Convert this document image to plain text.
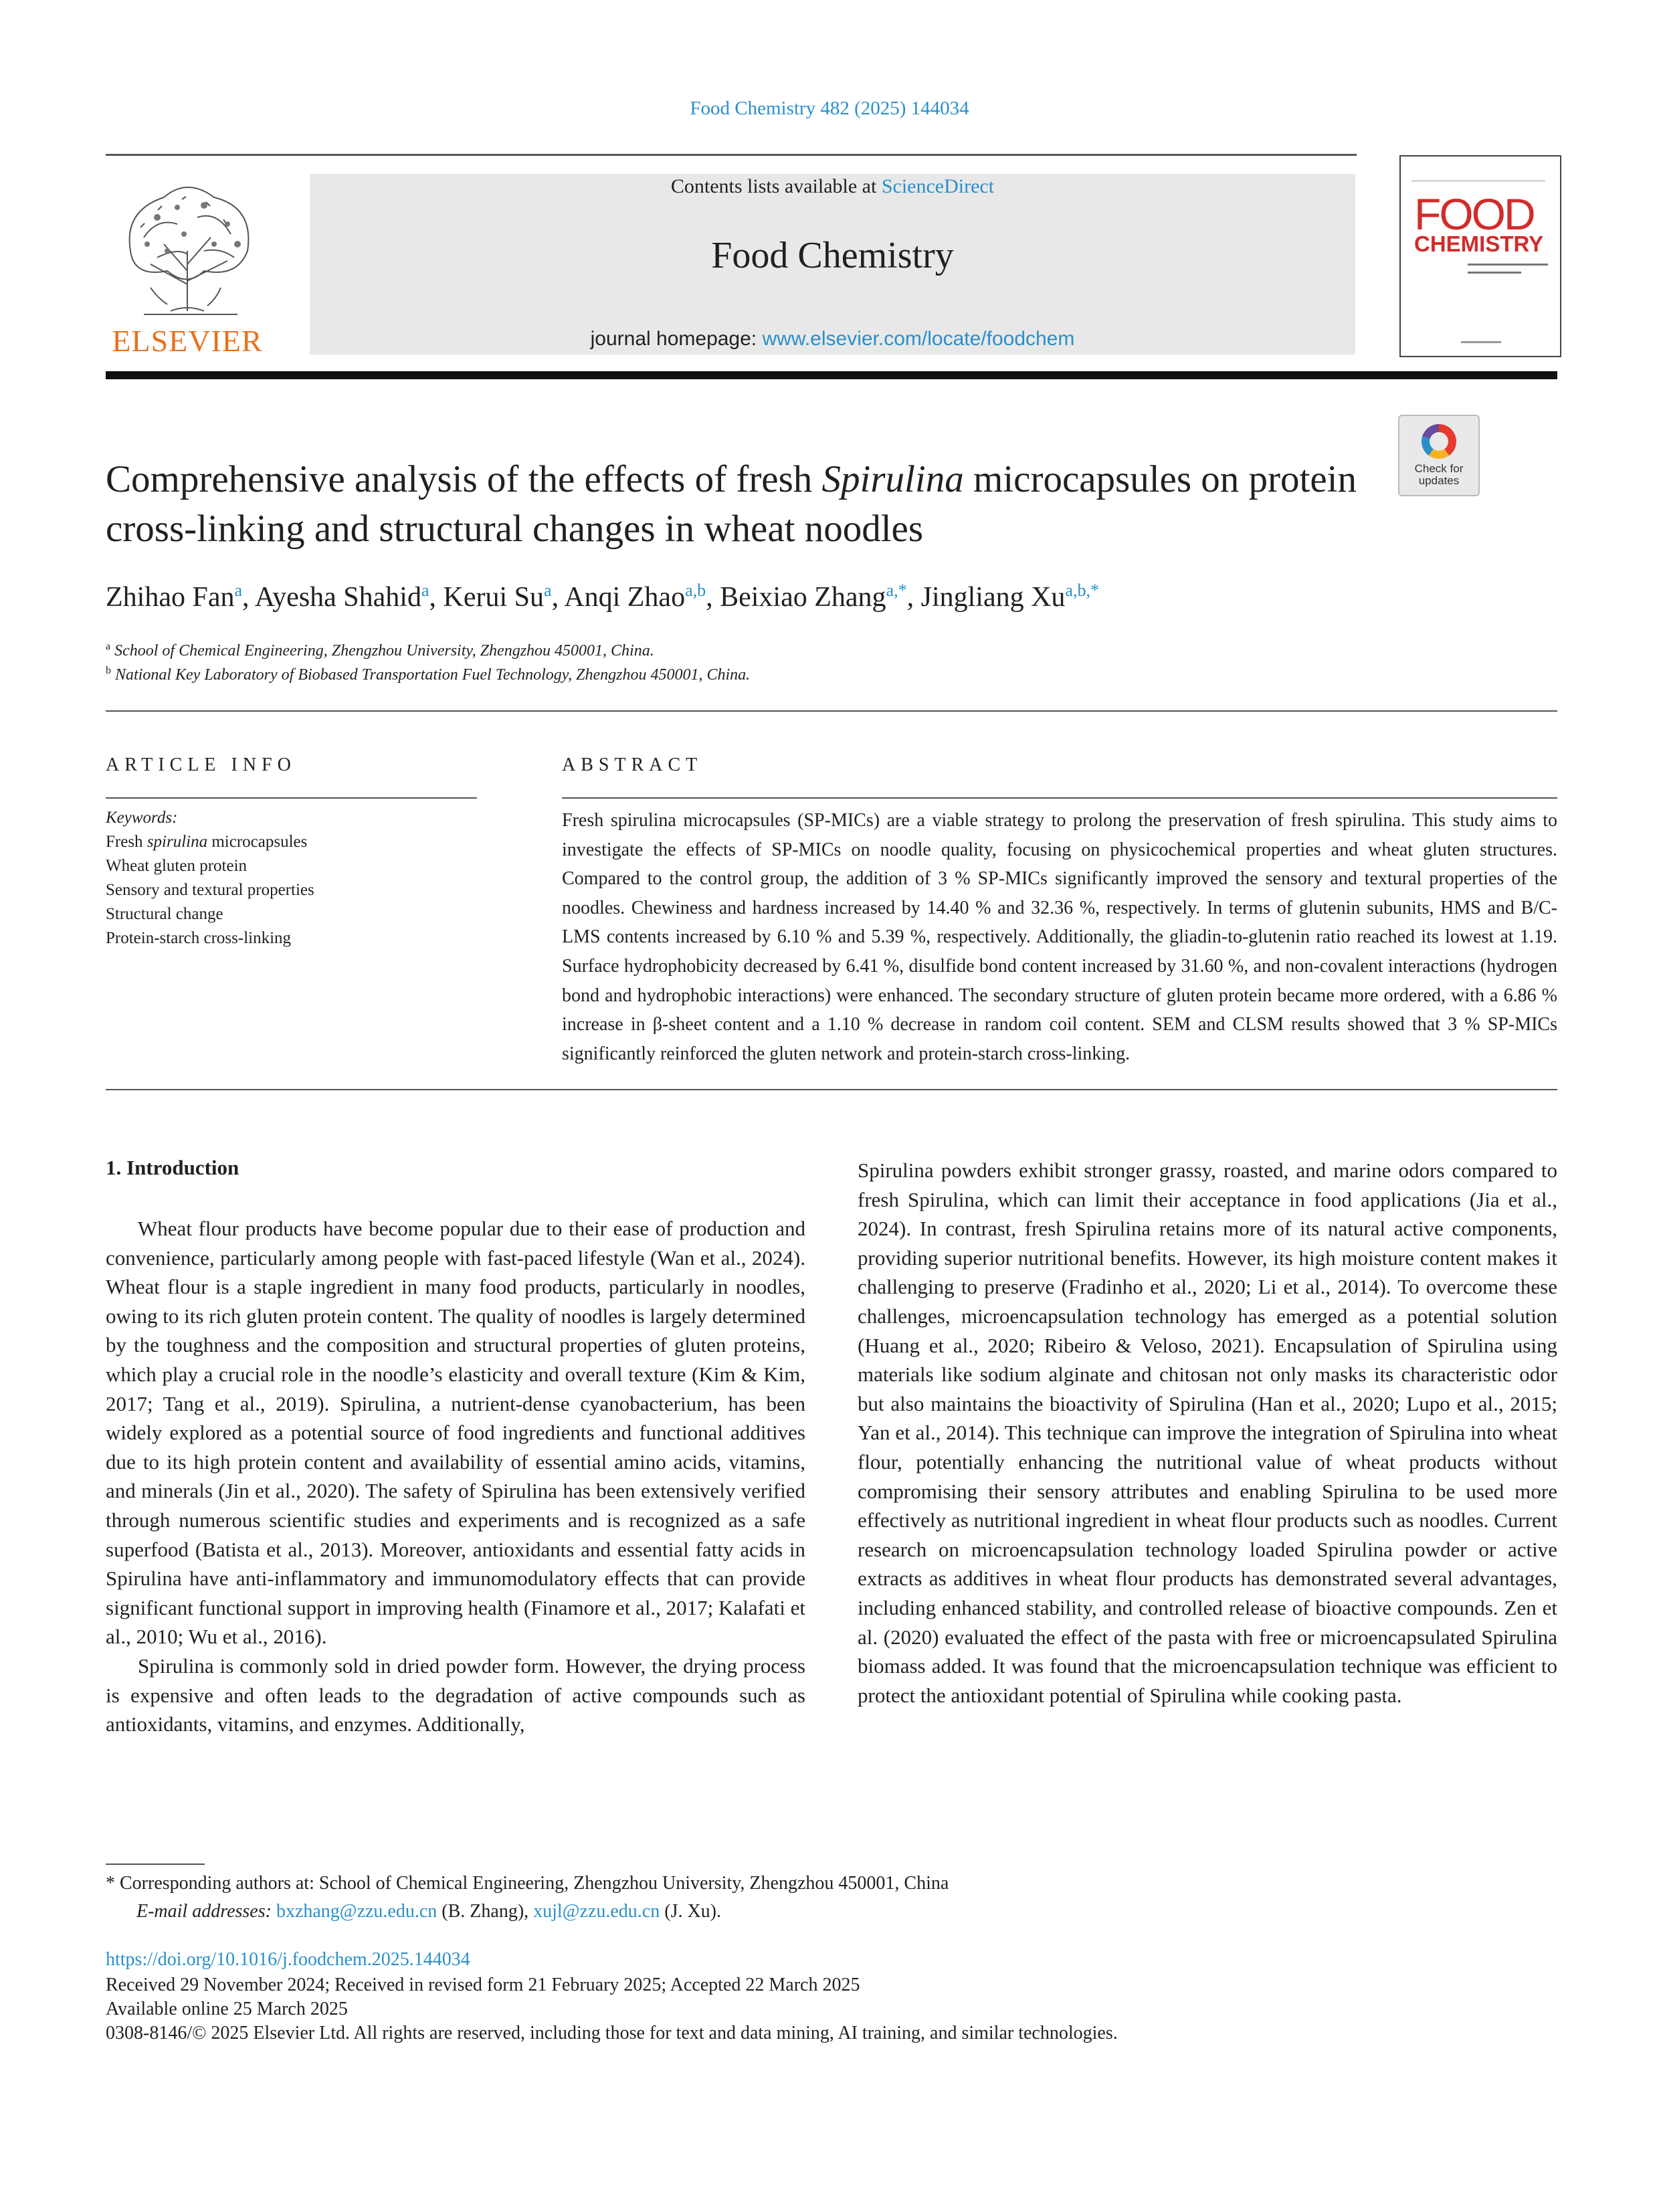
Food Chemistry 482 (2025) 144034
ELSEVIER
Contents lists available at ScienceDirect
Food Chemistry
journal homepage: www.elsevier.com/locate/foodchem
FOOD
CHEMISTRY
Check for updates
Comprehensive analysis of the effects of fresh Spirulina microcapsules on protein cross-linking and structural changes in wheat noodles
Zhihao Fan$^a$, Ayesha Shahid$^a$, Kerui Su$^a$, Anqi Zhao$^{a,b}$, Beixiao Zhang$^{a,*}$, Jingliang $Xu^{a,b,*}$
$^a$ School of Chemical Engineering, Zhengzhou University, Zhengzhou 450001, China.
$^b$ National Key Laboratory of Biobased Transportation Fuel Technology, Zhengzhou 450001, China.
ARTICLE INFO
Keywords:
Fresh spirulina microcapsules
Wheat gluten protein
Sensory and textural properties
Structural change
Protein-starch cross-linking
ABSTRACT
Fresh spirulina microcapsules (SP-MICs) are a viable strategy to prolong the preservation of fresh spirulina. This study aims to investigate the effects of SP-MICs on noodle quality, focusing on physicochemical properties and wheat gluten structures. Compared to the control group, the addition of 3 % SP-MICs significantly improved the sensory and textural properties of the noodles. Chewiness and hardness increased by 14.40 % and 32.36 %, respectively. In terms of glutenin subunits, HMS and B/C-LMS contents increased by 6.10 % and 5.39 %, respectively. Additionally, the gliadin-to-glutenin ratio reached its lowest at 1.19. Surface hydrophobicity decreased by 6.41 %, disulfide bond content increased by 31.60 %, and non-covalent interactions (hydrogen bond and hydrophobic interactions) were enhanced. The secondary structure of gluten protein became more ordered, with a 6.86 % increase in β-sheet content and a 1.10 % decrease in random coil content. SEM and CLSM results showed that 3 % SP-MICs significantly reinforced the gluten network and protein-starch cross-linking.
1. Introduction

Wheat flour products have become popular due to their ease of production and convenience, particularly among people with fast-paced lifestyle (Wan et al., 2024). Wheat flour is a staple ingredient in many food products, particularly in noodles, owing to its rich gluten protein content. The quality of noodles is largely determined by the toughness and the composition and structural properties of gluten proteins, which play a crucial role in the noodle’s elasticity and overall texture (Kim & Kim, 2017; Tang et al., 2019). Spirulina, a nutrient-dense cyanobacterium, has been widely explored as a potential source of food ingredients and functional additives due to its high protein content and availability of essential amino acids, vitamins, and minerals (Jin et al., 2020). The safety of Spirulina has been extensively verified through numerous scientific studies and experiments and is recognized as a safe superfood (Batista et al., 2013). Moreover, antioxidants and essential fatty acids in Spirulina have anti-inflammatory and immunomodulatory effects that can provide significant functional support in improving health (Finamore et al., 2017; Kalafati et al., 2010; Wu et al., 2016).

Spirulina is commonly sold in dried powder form. However, the drying process is expensive and often leads to the degradation of active compounds such as antioxidants, vitamins, and enzymes. Additionally,

Spirulina powders exhibit stronger grassy, roasted, and marine odors compared to fresh Spirulina, which can limit their acceptance in food applications (Jia et al., 2024). In contrast, fresh Spirulina retains more of its natural active components, providing superior nutritional benefits. However, its high moisture content makes it challenging to preserve (Fradinho et al., 2020; Li et al., 2014). To overcome these challenges, microencapsulation technology has emerged as a potential solution (Huang et al., 2020; Ribeiro & Veloso, 2021). Encapsulation of Spirulina using materials like sodium alginate and chitosan not only masks its characteristic odor but also maintains the bioactivity of Spirulina (Han et al., 2020; Lupo et al., 2015; Yan et al., 2014). This technique can improve the integration of Spirulina into wheat flour, potentially enhancing the nutritional value of wheat products without compromising their sensory attributes and enabling Spirulina to be used more effectively as nutritional ingredient in wheat flour products such as noodles. Current research on microencapsulation technology loaded Spirulina powder or active extracts as additives in wheat flour products has demonstrated several advantages, including enhanced stability, and controlled release of bioactive compounds. Zen et al. (2020) evaluated the effect of the pasta with free or microencapsulated Spirulina biomass added. It was found that the microencapsulation technique was efficient to protect the antioxidant potential of Spirulina while cooking pasta.

* Corresponding authors at: School of Chemical Engineering, Zhengzhou University, Zhengzhou 450001, China
E-mail addresses: bxzhang@zzu.edu.cn (B. Zhang), xujl@zzu.edu.cn (J. Xu).
https://doi.org/10.1016/j.foodchem.2025.144034
Received 29 November 2024; Received in revised form 21 February 2025; Accepted 22 March 2025
Available online 25 March 2025
0308-8146/© 2025 Elsevier Ltd. All rights are reserved, including those for text and data mining, AI training, and similar technologies.
